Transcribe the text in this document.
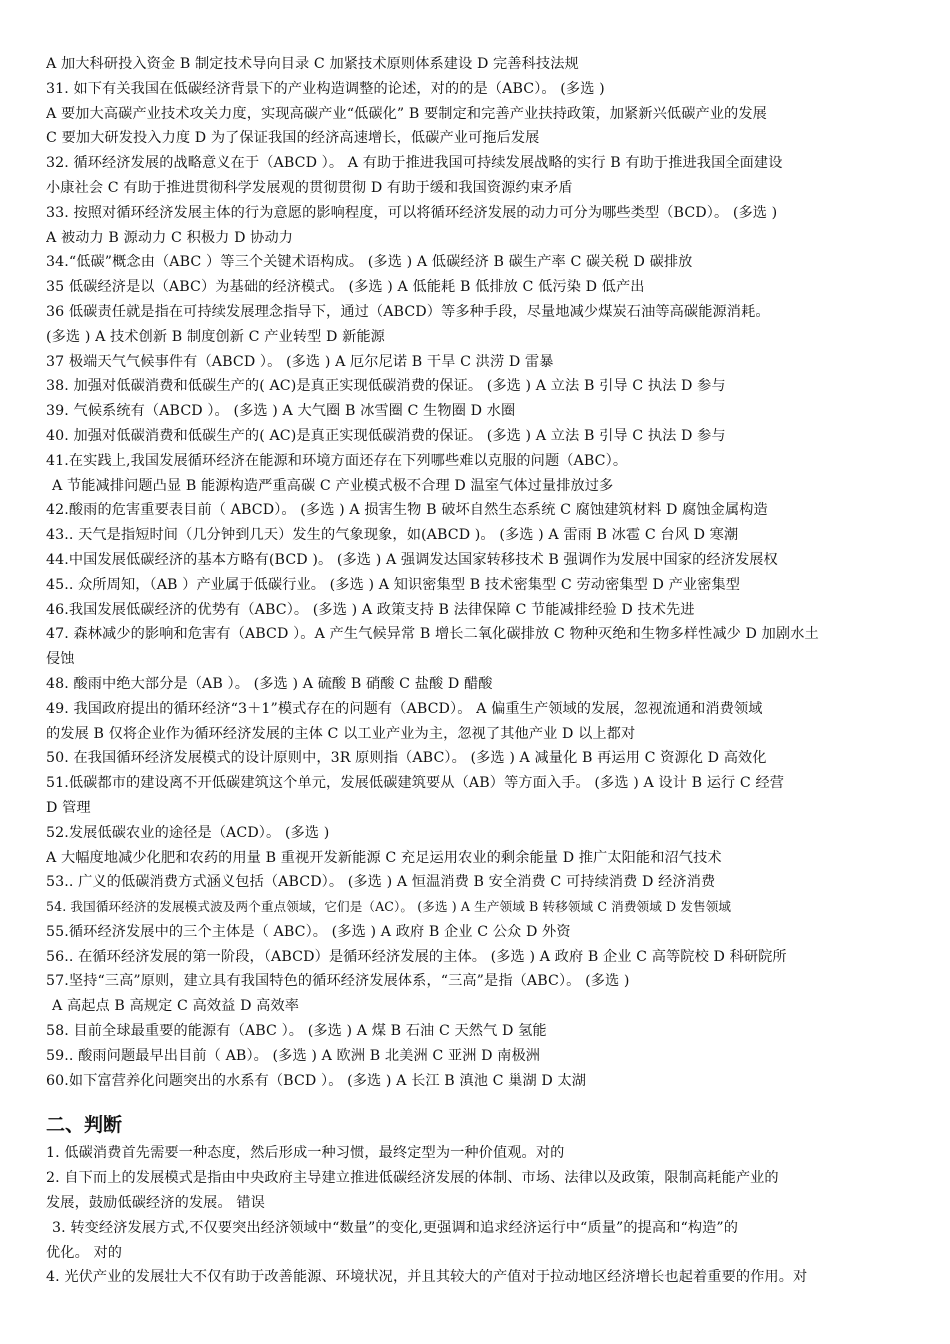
A 加大科研投入资金 B 制定技术导向目录 C 加紧技术原则体系建设 D 完善科技法规
31. 如下有关我国在低碳经济背景下的产业构造调整的论述，对的的是（ABC）。 (多选 )
A 要加大高碳产业技术攻关力度，实现高碳产业“低碳化” B 要制定和完善产业扶持政策，加紧新兴低碳产业的发展
C 要加大研发投入力度 D 为了保证我国的经济高速增长，低碳产业可拖后发展
32. 循环经济发展的战略意义在于（ABCD ）。 A 有助于推进我国可持续发展战略的实行 B 有助于推进我国全面建设
小康社会 C 有助于推进贯彻科学发展观的贯彻贯彻 D 有助于缓和我国资源约束矛盾
33. 按照对循环经济发展主体的行为意愿的影响程度，可以将循环经济发展的动力可分为哪些类型（BCD）。 (多选 )
A 被动力 B 源动力 C 积极力 D 协动力
34.“低碳”概念由（ABC ）等三个关键术语构成。 (多选 ) A 低碳经济 B 碳生产率 C 碳关税 D 碳排放
35 低碳经济是以（ABC）为基础的经济模式。 (多选 ) A 低能耗 B 低排放 C 低污染 D 低产出
36 低碳责任就是指在可持续发展理念指导下，通过（ABCD）等多种手段，尽量地减少煤炭石油等高碳能源消耗。
(多选 ) A 技术创新 B 制度创新 C 产业转型 D 新能源
37 极端天气气候事件有（ABCD ）。 (多选 ) A 厄尔尼诺 B 干旱 C 洪涝 D 雷暴
38. 加强对低碳消费和低碳生产的( AC)是真正实现低碳消费的保证。 (多选 ) A 立法 B 引导 C 执法 D 参与
39. 气候系统有（ABCD ）。 (多选 ) A 大气圈 B 冰雪圈 C 生物圈 D 水圈
40. 加强对低碳消费和低碳生产的( AC)是真正实现低碳消费的保证。 (多选 ) A 立法 B 引导 C 执法 D 参与
41.在实践上,我国发展循环经济在能源和环境方面还存在下列哪些难以克服的问题（ABC）。
A 节能减排问题凸显 B 能源构造严重高碳 C 产业模式极不合理 D 温室气体过量排放过多
42.酸雨的危害重要表目前（ ABCD）。 (多选 ) A 损害生物 B 破坏自然生态系统 C 腐蚀建筑材料 D 腐蚀金属构造
43.. 天气是指短时间（几分钟到几天）发生的气象现象，如(ABCD )。 (多选 ) A 雷雨 B 冰雹 C 台风 D 寒潮
44.中国发展低碳经济的基本方略有(BCD )。 (多选 ) A 强调发达国家转移技术 B 强调作为发展中国家的经济发展权
45.. 众所周知，（AB ）产业属于低碳行业。 (多选 ) A 知识密集型 B 技术密集型 C 劳动密集型 D 产业密集型
46.我国发展低碳经济的优势有（ABC）。 (多选 ) A 政策支持 B 法律保障 C 节能减排经验 D 技术先进
47. 森林减少的影响和危害有（ABCD ）。A 产生气候异常 B 增长二氧化碳排放 C 物种灭绝和生物多样性减少 D 加剧水土
侵蚀
48. 酸雨中绝大部分是（AB ）。 (多选 ) A 硫酸 B 硝酸 C 盐酸 D 醋酸
49. 我国政府提出的循环经济“3＋1”模式存在的问题有（ABCD）。 A 偏重生产领域的发展，忽视流通和消费领域
的发展 B 仅将企业作为循环经济发展的主体 C 以工业产业为主，忽视了其他产业 D 以上都对
50. 在我国循环经济发展模式的设计原则中，3R 原则指（ABC）。 (多选 ) A 减量化 B 再运用 C 资源化 D 高效化
51.低碳都市的建设离不开低碳建筑这个单元，发展低碳建筑要从（AB）等方面入手。 (多选 ) A 设计 B 运行 C 经营
D 管理
52.发展低碳农业的途径是（ACD）。 (多选 )
A 大幅度地减少化肥和农药的用量 B 重视开发新能源 C 充足运用农业的剩余能量 D 推广太阳能和沼气技术
53.. 广义的低碳消费方式涵义包括（ABCD）。 (多选 ) A 恒温消费 B 安全消费 C 可持续消费 D 经济消费
54. 我国循环经济的发展模式波及两个重点领域，它们是（AC）。 (多选 ) A 生产领域 B 转移领域 C 消费领域 D 发售领域
55.循环经济发展中的三个主体是（ ABC）。 (多选 ) A 政府 B 企业 C 公众 D 外资
56.. 在循环经济发展的第一阶段，（ABCD）是循环经济发展的主体。 (多选 ) A 政府 B 企业 C 高等院校 D 科研院所
57.坚持“三高”原则，建立具有我国特色的循环经济发展体系，“三高”是指（ABC）。 (多选 )
A 高起点 B 高规定 C 高效益 D 高效率
58. 目前全球最重要的能源有（ABC ）。 (多选 ) A 煤 B 石油 C 天然气 D 氢能
59.. 酸雨问题最早出目前（ AB）。 (多选 ) A 欧洲 B 北美洲 C 亚洲 D 南极洲
60.如下富营养化问题突出的水系有（BCD ）。 (多选 ) A 长江 B 滇池 C 巢湖 D 太湖
二、判断
1. 低碳消费首先需要一种态度，然后形成一种习惯，最终定型为一种价值观。对的
2. 自下而上的发展模式是指由中央政府主导建立推进低碳经济发展的体制、市场、法律以及政策，限制高耗能产业的
发展，鼓励低碳经济的发展。 错误
3. 转变经济发展方式,不仅要突出经济领域中“数量”的变化,更强调和追求经济运行中“质量”的提高和“构造”的
优化。 对的
4. 光伏产业的发展壮大不仅有助于改善能源、环境状况，并且其较大的产值对于拉动地区经济增长也起着重要的作用。对
